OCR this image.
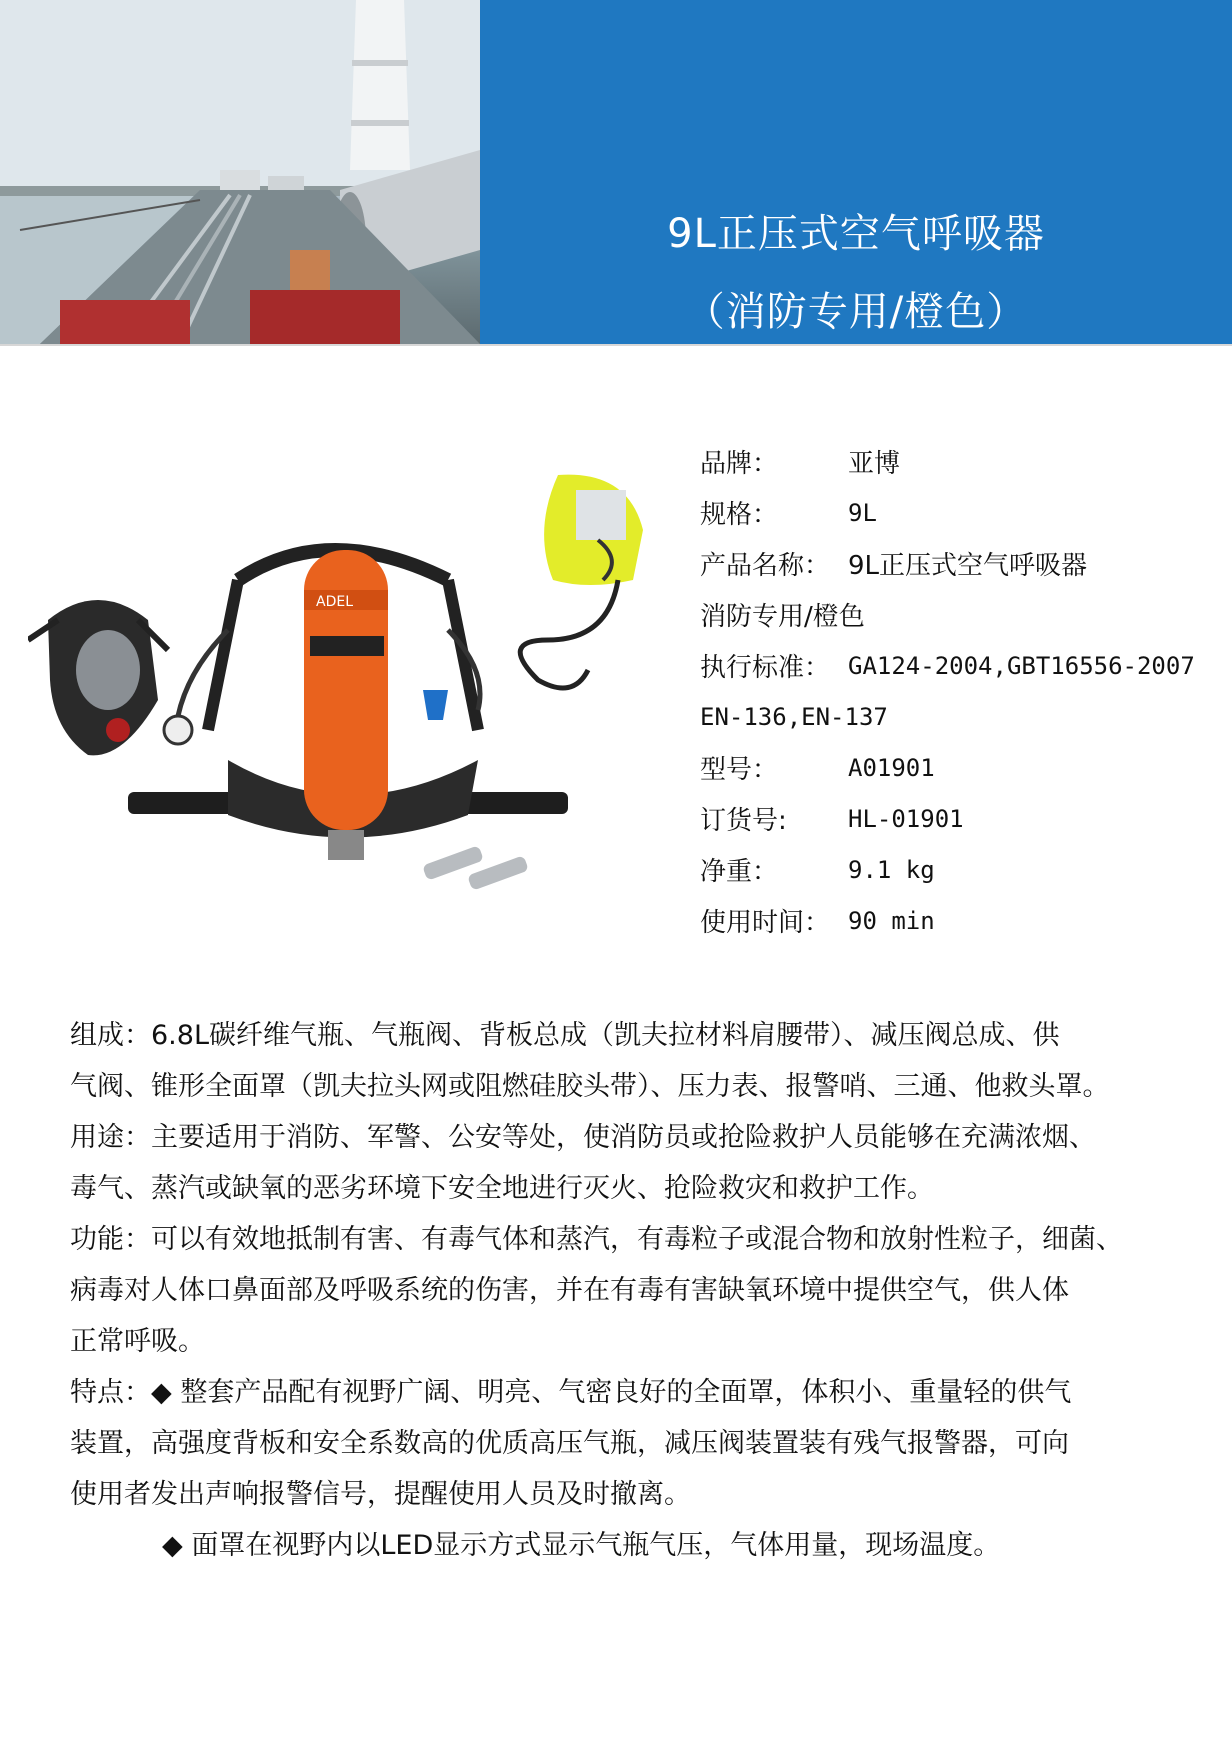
9L正压式空气呼吸器
（消防专用/橙色）
ADEL
品牌：	亚博
规格：	9L
产品名称： 9L正压式空气呼吸器
消防专用/橙色
执行标准： GA124-2004,GBT16556-2007
EN-136,EN-137
型号：	A01901
订货号:	HL-01901
净重：	9.1 kg
使用时间： 90 min
组成：6.8L碳纤维气瓶、气瓶阀、背板总成（凯夫拉材料肩腰带）、减压阀总成、供
气阀、锥形全面罩（凯夫拉头网或阻燃硅胶头带）、压力表、报警哨、三通、他救头罩。
用途：主要适用于消防、军警、公安等处，使消防员或抢险救护人员能够在充满浓烟、
毒气、蒸汽或缺氧的恶劣环境下安全地进行灭火、抢险救灾和救护工作。
功能：可以有效地抵制有害、有毒气体和蒸汽，有毒粒子或混合物和放射性粒子，细菌、
病毒对人体口鼻面部及呼吸系统的伤害，并在有毒有害缺氧环境中提供空气，供人体
正常呼吸。
特点：◆ 整套产品配有视野广阔、明亮、气密良好的全面罩，体积小、重量轻的供气
装置，高强度背板和安全系数高的优质高压气瓶，减压阀装置装有残气报警器，可向
使用者发出声响报警信号，提醒使用人员及时撤离。
◆ 面罩在视野内以LED显示方式显示气瓶气压，气体用量，现场温度。
